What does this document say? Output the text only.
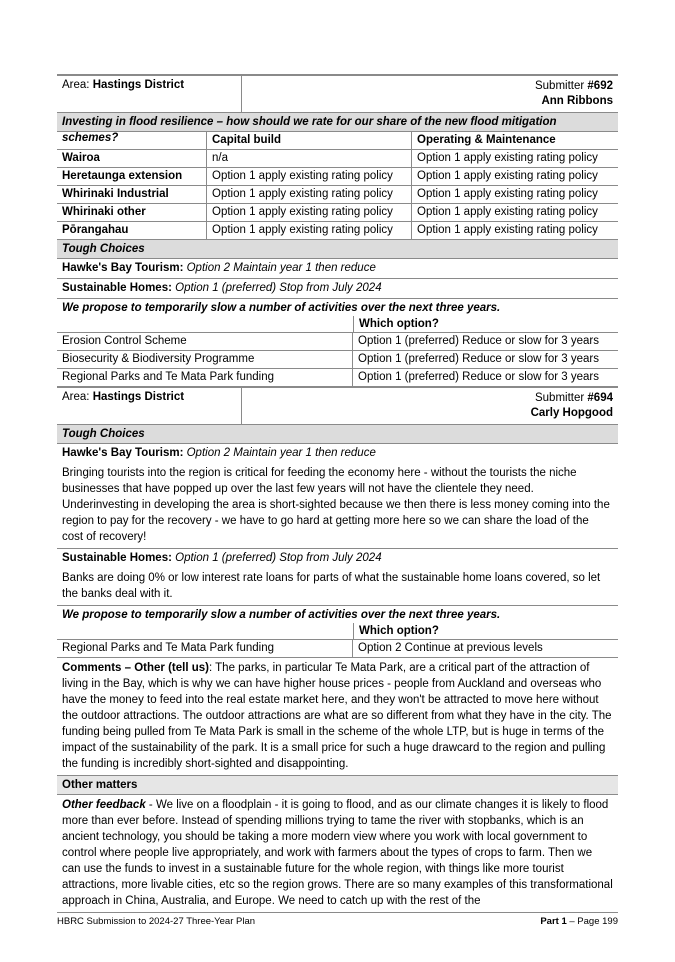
Area: Hastings District	Submitter #692
Ann Ribbons
Investing in flood resilience – how should we rate for our share of the new flood mitigation schemes?	Capital build	Operating & Maintenance
Wairoa	n/a	Option 1 apply existing rating policy
Heretaunga extension	Option 1 apply existing rating policy	Option 1 apply existing rating policy
Whirinaki Industrial	Option 1 apply existing rating policy	Option 1 apply existing rating policy
Whirinaki other	Option 1 apply existing rating policy	Option 1 apply existing rating policy
Pōrangahau	Option 1 apply existing rating policy	Option 1 apply existing rating policy
Tough Choices
Hawke's Bay Tourism: Option 2 Maintain year 1 then reduce
Sustainable Homes: Option 1 (preferred) Stop from July 2024
We propose to temporarily slow a number of activities over the next three years.
Which option?
Erosion Control Scheme	Option 1 (preferred) Reduce or slow for 3 years
Biosecurity & Biodiversity Programme	Option 1 (preferred) Reduce or slow for 3 years
Regional Parks and Te Mata Park funding	Option 1 (preferred) Reduce or slow for 3 years
Area: Hastings District	Submitter #694
Carly Hopgood
Tough Choices
Hawke's Bay Tourism: Option 2 Maintain year 1 then reduce
Bringing tourists into the region is critical for feeding the economy here - without the tourists the niche businesses that have popped up over the last few years will not have the clientele they need. Underinvesting in developing the area is short-sighted because we then there is less money coming into the region to pay for the recovery - we have to go hard at getting more here so we can share the load of the cost of recovery!
Sustainable Homes: Option 1 (preferred) Stop from July 2024
Banks are doing 0% or low interest rate loans for parts of what the sustainable home loans covered, so let the banks deal with it.
We propose to temporarily slow a number of activities over the next three years.
Which option?
Regional Parks and Te Mata Park funding	Option 2 Continue at previous levels
Comments – Other (tell us): The parks, in particular Te Mata Park, are a critical part of the attraction of living in the Bay, which is why we can have higher house prices - people from Auckland and overseas who have the money to feed into the real estate market here, and they won't be attracted to move here without the outdoor attractions. The outdoor attractions are what are so different from what they have in the city. The funding being pulled from Te Mata Park is small in the scheme of the whole LTP, but is huge in terms of the impact of the sustainability of the park. It is a small price for such a huge drawcard to the region and pulling the funding is incredibly short-sighted and disappointing.
Other matters
Other feedback - We live on a floodplain - it is going to flood, and as our climate changes it is likely to flood more than ever before. Instead of spending millions trying to tame the river with stopbanks, which is an ancient technology, you should be taking a more modern view where you work with local government to control where people live appropriately, and work with farmers about the types of crops to farm. Then we can use the funds to invest in a sustainable future for the whole region, with things like more tourist attractions, more livable cities, etc so the region grows. There are so many examples of this transformational approach in China, Australia, and Europe. We need to catch up with the rest of the
HBRC Submission to 2024-27 Three-Year Plan	Part 1 – Page 199
